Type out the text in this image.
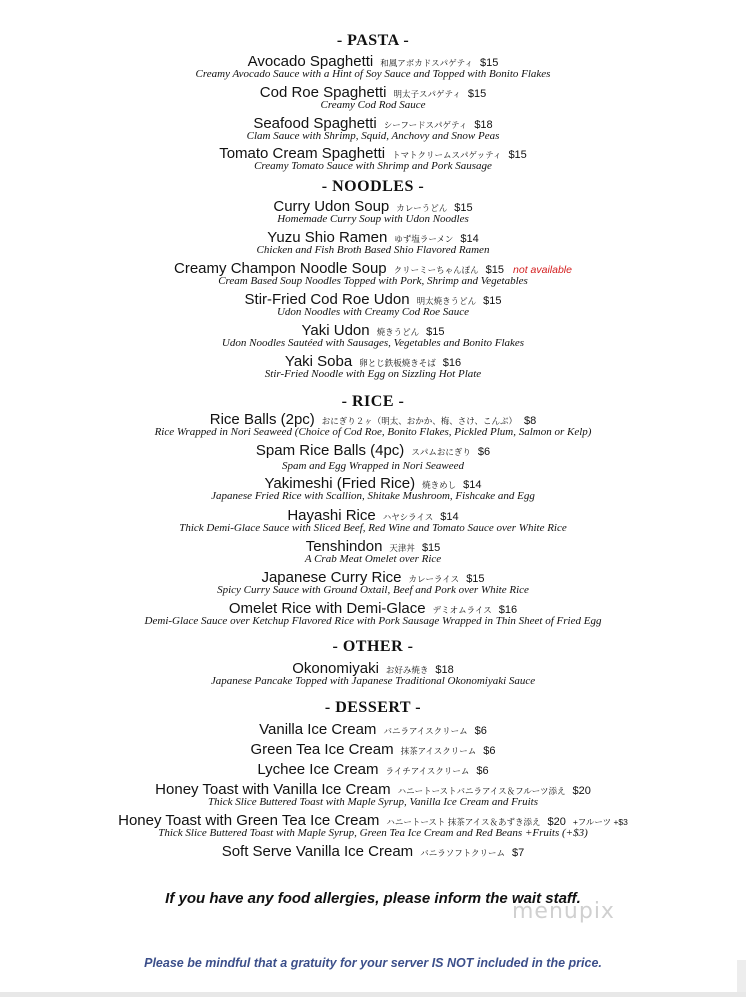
- PASTA -
Avocado Spaghetti 和風アボカドスパゲティ $15
Creamy Avocado Sauce with a Hint of Soy Sauce and Topped with Bonito Flakes
Cod Roe Spaghetti 明太子スパゲティ $15
Creamy Cod Rod Sauce
Seafood Spaghetti シーフードスパゲティ $18
Clam Sauce with Shrimp, Squid, Anchovy and Snow Peas
Tomato Cream Spaghetti トマトクリームスパゲッティ $15
Creamy Tomato Sauce with Shrimp and Pork Sausage
- NOODLES -
Curry Udon Soup カレーうどん $15
Homemade Curry Soup with Udon Noodles
Yuzu Shio Ramen ゆず塩ラーメン $14
Chicken and Fish Broth Based Shio Flavored Ramen
Creamy Champon Noodle Soup クリーミーちゃんぽん $15 not available
Cream Based Soup Noodles Topped with Pork, Shrimp and Vegetables
Stir-Fried Cod Roe Udon 明太焼きうどん $15
Udon Noodles with Creamy Cod Roe Sauce
Yaki Udon 焼きうどん $15
Udon Noodles Sautéed with Sausages, Vegetables and Bonito Flakes
Yaki Soba 卵とじ鉄板焼きそば $16
Stir-Fried Noodle with Egg on Sizzling Hot Plate
- RICE -
Rice Balls (2pc) おにぎり２ヶ（明太、おかか、梅、さけ、こんぶ） $8
Rice Wrapped in Nori Seaweed (Choice of Cod Roe, Bonito Flakes, Pickled Plum, Salmon or Kelp)
Spam Rice Balls (4pc) スパムおにぎり $6
Spam and Egg Wrapped in Nori Seaweed
Yakimeshi (Fried Rice) 焼きめし $14
Japanese Fried Rice with Scallion, Shitake Mushroom, Fishcake and Egg
Hayashi Rice ハヤシライス $14
Thick Demi-Glace Sauce with Sliced Beef, Red Wine and Tomato Sauce over White Rice
Tenshindon 天津丼 $15
A Crab Meat Omelet over Rice
Japanese Curry Rice カレーライス $15
Spicy Curry Sauce with Ground Oxtail, Beef and Pork over White Rice
Omelet Rice with Demi-Glace デミオムライス $16
Demi-Glace Sauce over Ketchup Flavored Rice with Pork Sausage Wrapped in Thin Sheet of Fried Egg
- OTHER -
Okonomiyaki お好み焼き $18
Japanese Pancake Topped with Japanese Traditional Okonomiyaki Sauce
- DESSERT -
Vanilla Ice Cream バニラアイスクリーム $6
Green Tea Ice Cream 抹茶アイスクリーム $6
Lychee Ice Cream ライチアイスクリーム $6
Honey Toast with Vanilla Ice Cream ハニートーストバニラアイス＆フルーツ添え $20
Thick Slice Buttered Toast with Maple Syrup, Vanilla Ice Cream and Fruits
Honey Toast with Green Tea Ice Cream ハニートースト 抹茶アイス＆あずき添え $20 +フルーツ +$3
Thick Slice Buttered Toast with Maple Syrup, Green Tea Ice Cream and Red Beans +Fruits (+$3)
Soft Serve Vanilla Ice Cream バニラソフトクリーム $7
If you have any food allergies, please inform the wait staff.
menupix
Please be mindful that a gratuity for your server IS NOT included in the price.
